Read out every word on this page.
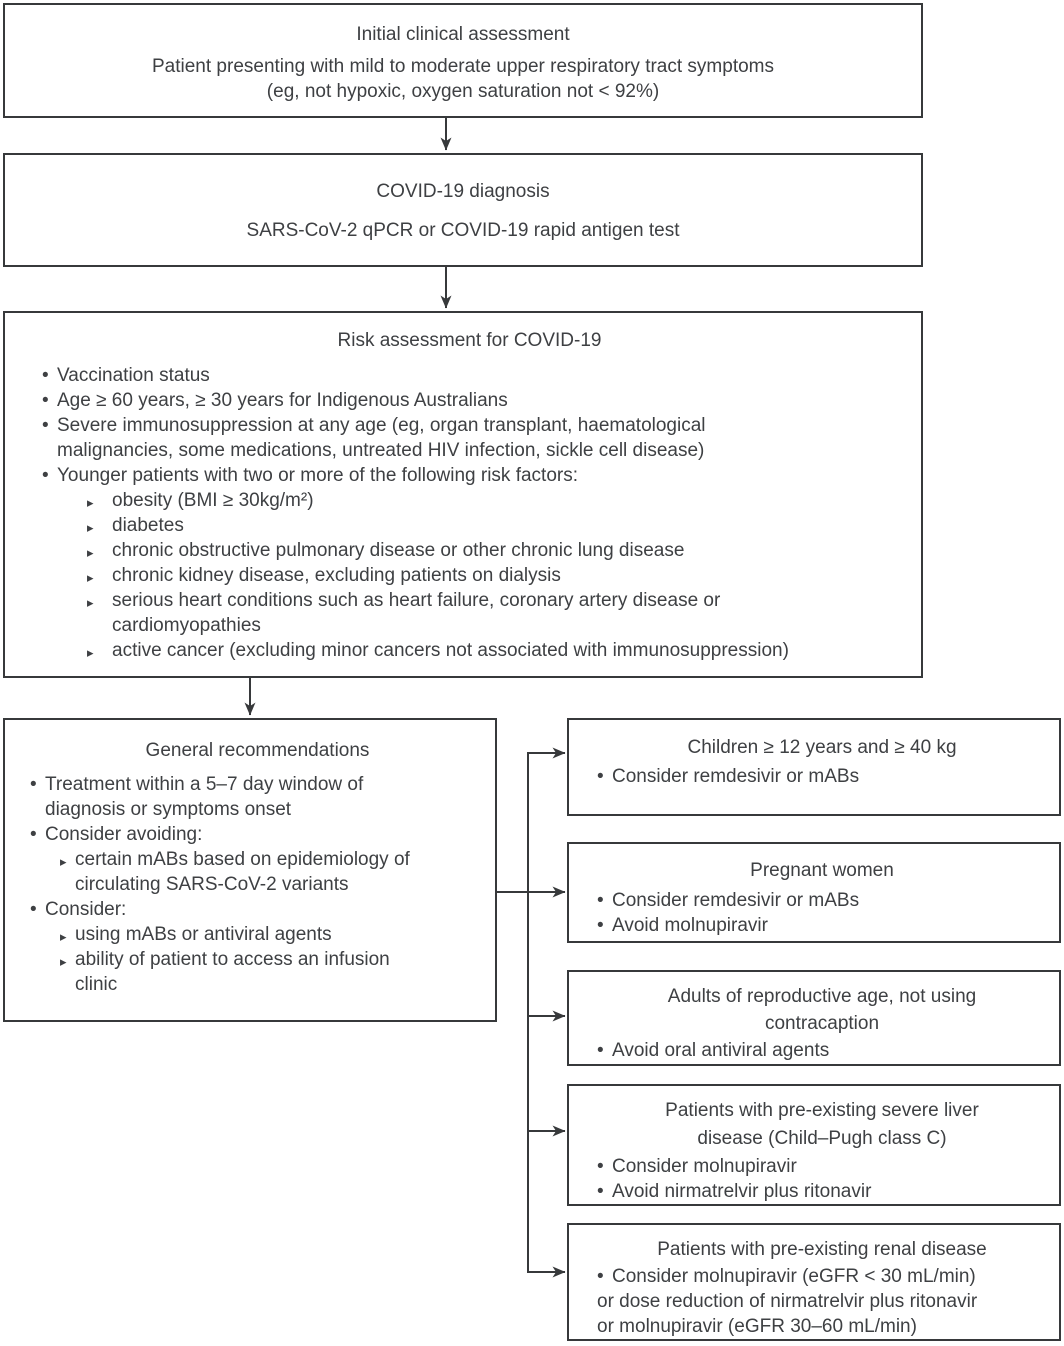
Initial clinical assessment
Patient presenting with mild to moderate upper respiratory tract symptoms
(eg, not hypoxic, oxygen saturation not < 92%)
COVID-19 diagnosis
SARS-CoV-2 qPCR or COVID-19 rapid antigen test
Risk assessment for COVID-19
• Vaccination status
• Age ≥ 60 years, ≥ 30 years for Indigenous Australians
• Severe immunosuppression at any age (eg, organ transplant, haematological
malignancies, some medications, untreated HIV infection, sickle cell disease)
• Younger patients with two or more of the following risk factors:
▸ obesity (BMI ≥ 30kg/m²)
▸ diabetes
▸ chronic obstructive pulmonary disease or other chronic lung disease
▸ chronic kidney disease, excluding patients on dialysis
▸ serious heart conditions such as heart failure, coronary artery disease or
cardiomyopathies
▸ active cancer (excluding minor cancers not associated with immunosuppression)
General recommendations
• Treatment within a 5–7 day window of
diagnosis or symptoms onset
• Consider avoiding:
▸ certain mABs based on epidemiology of
circulating SARS-CoV-2 variants
• Consider:
▸ using mABs or antiviral agents
▸ ability of patient to access an infusion
clinic
Children ≥ 12 years and ≥ 40 kg
• Consider remdesivir or mABs
Pregnant women
• Consider remdesivir or mABs
• Avoid molnupiravir
Adults of reproductive age, not using
contracaption
• Avoid oral antiviral agents
Patients with pre-existing severe liver
disease (Child–Pugh class C)
• Consider molnupiravir
• Avoid nirmatrelvir plus ritonavir
Patients with pre-existing renal disease
• Consider molnupiravir (eGFR < 30 mL/min)
or dose reduction of nirmatrelvir plus ritonavir
or molnupiravir (eGFR 30–60 mL/min)
